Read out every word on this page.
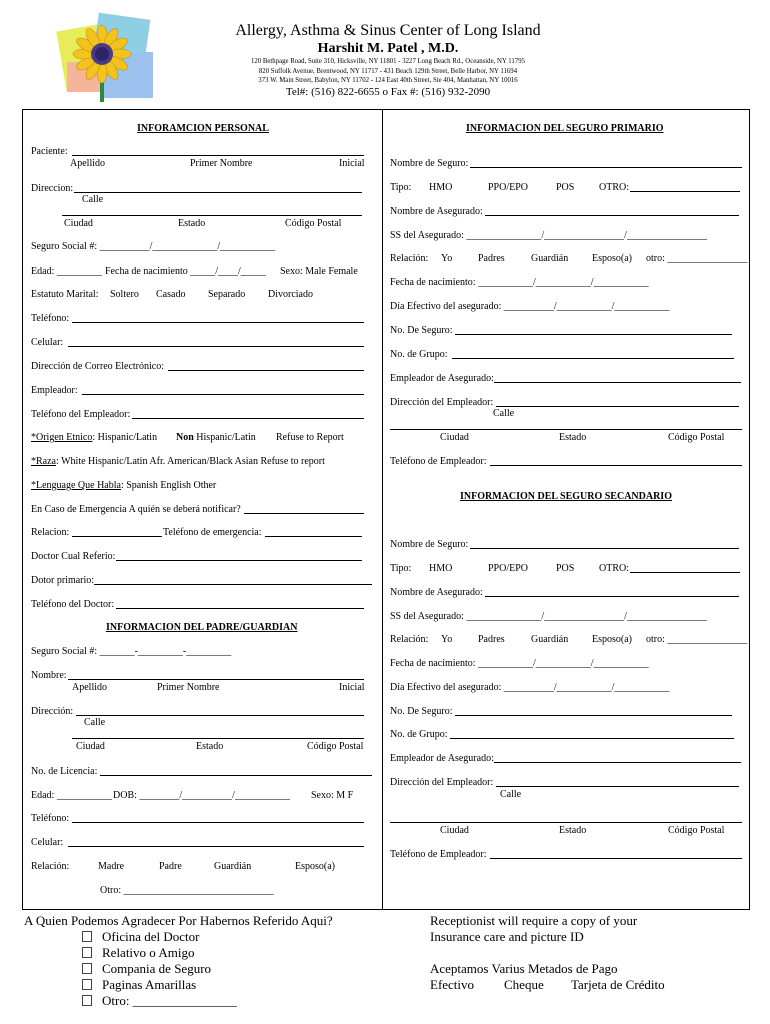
Allergy, Asthma & Sinus Center of Long Island
Harshit M. Patel , M.D.
120 Bethpage Road, Suite 310, Hicksville, NY 11801 - 3227 Long Beach Rd., Oceanside, NY 11795
820 Suffolk Avenue, Brentwood, NY 11717 - 431 Beach 129th Street, Belle Harbor, NY 11694
373 W. Main Street, Babylon, NY 11702 - 124 East 40th Street, Ste 404, Manhattan, NY 10016
Tel#: (516) 822-6655 o Fax #: (516) 932-2090
INFORAMCION PERSONAL
Paciente:
Apellido	Primer Nombre	Inicial
Direccion:
Calle
Ciudad	Estado	Código Postal
Seguro Social #: __________/_____________/___________
Edad: _________ Fecha de nacimiento _____/____/_____ Sexo: Male Female
Estatuto Marital: Soltero Casado Separado Divorciado
Teléfono:
Celular:
Dirección de Correo Electrónico:
Empleador:
Teléfono del Empleador:
*Origen Etnico: Hispanic/Latin Non Hispanic/Latin Refuse to Report
*Raza: White Hispanic/Latin Afr. American/Black Asian Refuse to report
*Lenguage Que Habla: Spanish English Other
En Caso de Emergencia A quién se deberá notificar?
Relacion:	Teléfono de emergencia:
Doctor Cual Referio:
Dotor primario:
Teléfono del Doctor:
INFORMACION DEL PADRE/GUARDIAN
Seguro Social #: _______-_________-_________
Nombre:
Apellido	Primer Nombre	Inicial
Dirección:
Calle
Ciudad	Estado	Código Postal
No. de Licencia:
Edad: ___________ DOB: ________/__________/___________ Sexo: M F
Teléfono:
Celular:
Relación:	Madre	Padre	Guardián	Esposo(a)
Otro: ______________________________
INFORMACION DEL SEGURO PRIMARIO
Nombre de Seguro:
Tipo: HMO	PPO/EPO	POS OTRO:
Nombre de Asegurado:
SS del Asegurado: _______________/________________/________________
Relación: Yo	Padres	Guardián Esposo(a) otro: ________________
Fecha de nacimiento: ___________/___________/___________
Día Efectivo del asegurado: __________/___________/___________
No. De Seguro:
No. de Grupo:
Empleador de Asegurado:
Dirección del Empleador:
Calle
Ciudad	Estado	Código Postal
Teléfono de Empleador:
INFORMACION DEL SEGURO SECANDARIO
Nombre de Seguro:
Tipo: HMO	PPO/EPO	POS OTRO:
Nombre de Asegurado:
SS del Asegurado: _______________/________________/________________
Relación: Yo	Padres	Guardián Esposo(a) otro: ________________
Fecha de nacimiento: ___________/___________/___________
Día Efectivo del asegurado: __________/___________/___________
No. De Seguro:
No. de Grupo:
Empleador de Asegurado:
Dirección del Empleador:
Calle
Ciudad	Estado	Código Postal
Teléfono de Empleador:
A Quien Podemos Agradecer Por Habernos Referido Aqui?
Oficina del Doctor
Relativo o Amigo
Compania de Seguro
Paginas Amarillas
Otro: ________________
Receptionist will require a copy of your
Insurance care and picture ID
Aceptamos Varius Metados de Pago
Efectivo Cheque Tarjeta de Crédito
